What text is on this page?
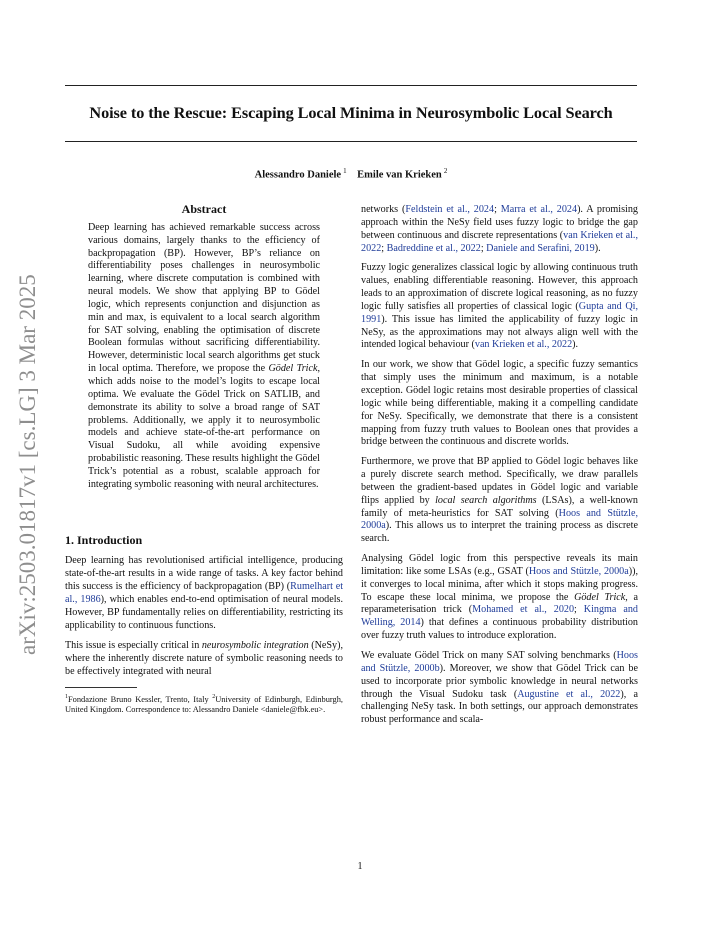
Noise to the Rescue: Escaping Local Minima in Neurosymbolic Local Search
Alessandro Daniele  $^1$ Emile van Krieken  $^2$
arXiv:2503.01817v1 [cs.LG] 3 Mar 2025
Abstract
Deep learning has achieved remarkable success across various domains, largely thanks to the efficiency of backpropagation (BP). However, BP’s reliance on differentiability poses challenges in neurosymbolic learning, where discrete computation is combined with neural models. We show that applying BP to Gödel logic, which represents conjunction and disjunction as min and max, is equivalent to a local search algorithm for SAT solving, enabling the optimisation of discrete Boolean formulas without sacrificing differentiability. However, deterministic local search algorithms get stuck in local optima. Therefore, we propose the Gödel Trick, which adds noise to the model’s logits to escape local optima. We evaluate the Gödel Trick on SATLIB, and demonstrate its ability to solve a broad range of SAT problems. Additionally, we apply it to neurosymbolic models and achieve state-of-the-art performance on Visual Sudoku, all while avoiding expensive probabilistic reasoning. These results highlight the Gödel Trick’s potential as a robust, scalable approach for integrating symbolic reasoning with neural architectures.
1. Introduction

Deep learning has revolutionised artificial intelligence, producing state-of-the-art results in a wide range of tasks. A key factor behind this success is the efficiency of backpropagation (BP) (Rumelhart et al., 1986), which enables end-to-end optimisation of neural models. However, BP fundamentally relies on differentiability, restricting its applicability to continuous functions.

This issue is especially critical in neurosymbolic integration (NeSy), where the inherently discrete nature of symbolic reasoning needs to be effectively integrated with neural

$^1$Fondazione Bruno Kessler, Trento, Italy $^2$University of Edinburgh, Edinburgh, United Kingdom. Correspondence to: Alessandro Daniele <daniele@fbk.eu>.

networks (Feldstein et al., 2024; Marra et al., 2024). A promising approach within the NeSy field uses fuzzy logic to bridge the gap between continuous and discrete representations (van Krieken et al., 2022; Badreddine et al., 2022; Daniele and Serafini, 2019).

Fuzzy logic generalizes classical logic by allowing continuous truth values, enabling differentiable reasoning. However, this approach leads to an approximation of discrete logical reasoning, as no fuzzy logic fully satisfies all properties of classical logic (Gupta and Qi, 1991). This issue has limited the applicability of fuzzy logic in NeSy, as the approximations may not always align well with the intended logical behaviour (van Krieken et al., 2022).

In our work, we show that Gödel logic, a specific fuzzy semantics that simply uses the minimum and maximum, is a notable exception. Gödel logic retains most desirable properties of classical logic while being differentiable, making it a compelling candidate for NeSy. Specifically, we demonstrate that there is a consistent mapping from fuzzy truth values to Boolean ones that provides a bridge between the continuous and discrete worlds.

Furthermore, we prove that BP applied to Gödel logic behaves like a purely discrete search method. Specifically, we draw parallels between the gradient-based updates in Gödel logic and variable flips applied by local search algorithms (LSAs), a well-known family of meta-heuristics for SAT solving (Hoos and Stützle, 2000a). This allows us to interpret the training process as discrete search.

Analysing Gödel logic from this perspective reveals its main limitation: like some LSAs (e.g., GSAT (Hoos and Stützle, 2000a)), it converges to local minima, after which it stops making progress. To escape these local minima, we propose the Gödel Trick, a reparameterisation trick (Mohamed et al., 2020; Kingma and Welling, 2014) that defines a continuous probability distribution over fuzzy truth values to introduce exploration.

We evaluate Gödel Trick on many SAT solving benchmarks (Hoos and Stützle, 2000b). Moreover, we show that Gödel Trick can be used to incorporate prior symbolic knowledge in neural networks through the Visual Sudoku task (Augustine et al., 2022), a challenging NeSy task. In both settings, our approach demonstrates robust performance and scala-

1
